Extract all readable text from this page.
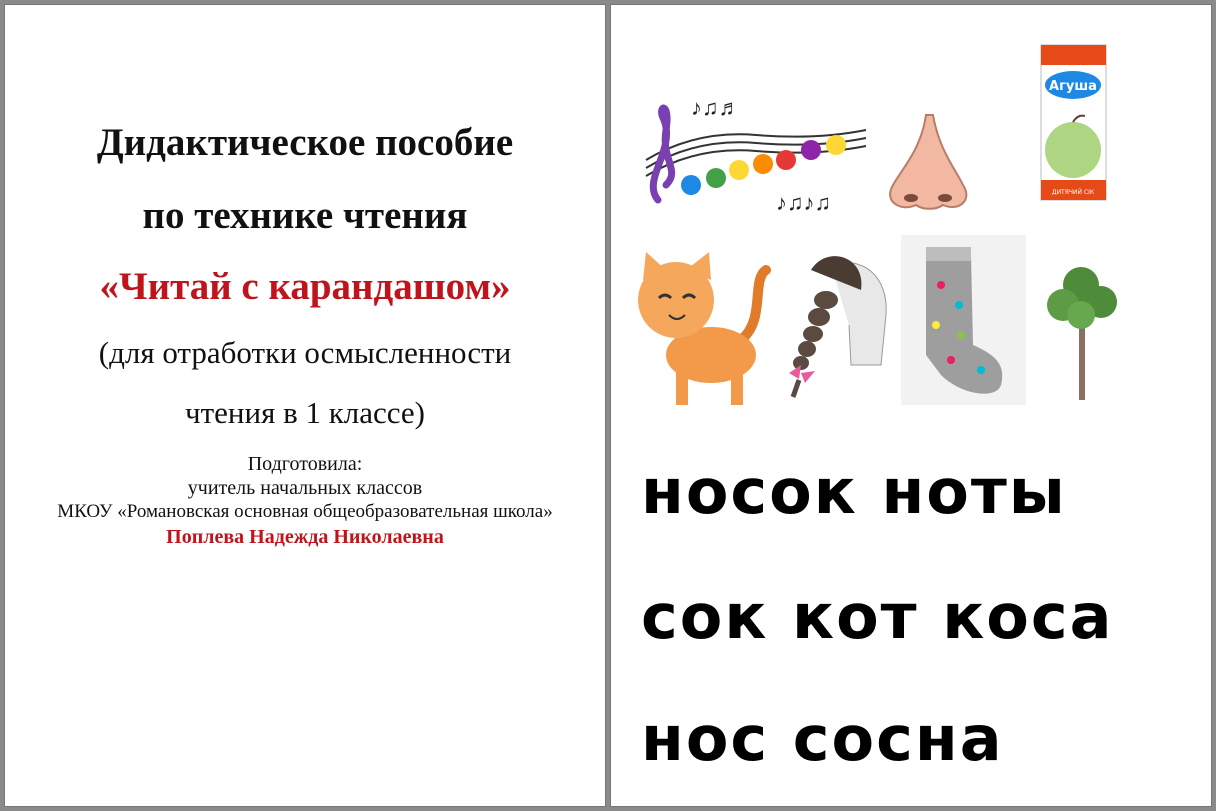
Дидактическое пособие
по технике чтения
«Читай с карандашом»
(для отработки осмысленности
чтения в 1 классе)
Подготовила:
учитель начальных классов
МКОУ «Романовская основная общеобразовательная школа»
Поплева Надежда Николаевна
♪♫♬
♪♫♪♫
Агуша
ДИТЯЧИЙ СІК
носок ноты
сок кот коса
нос сосна
